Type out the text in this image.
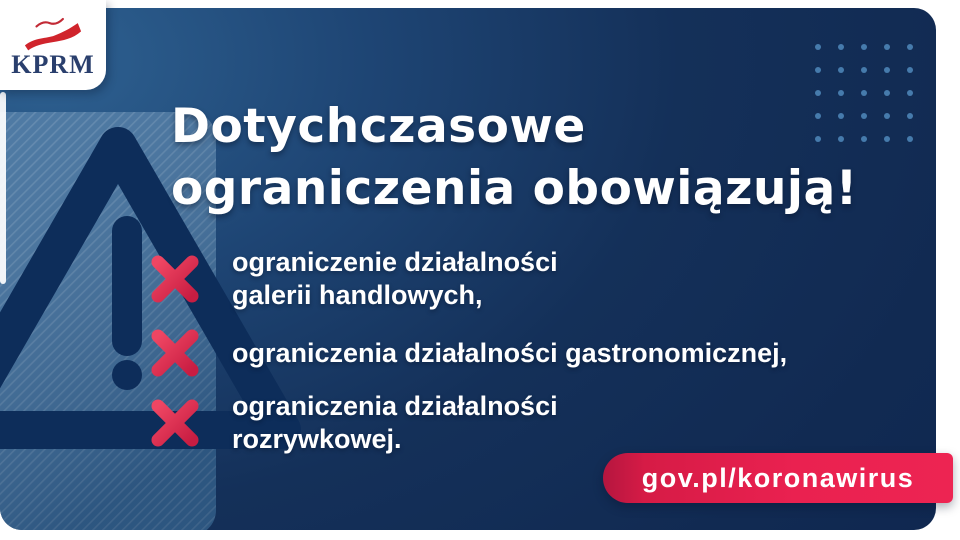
Dotychczasowe
ograniczenia obowiązują!
ograniczenie działalności
galerii handlowych,
ograniczenia działalności gastronomicznej,
ograniczenia działalności
rozrywkowej.
gov.pl/koronawirus
KPRM
